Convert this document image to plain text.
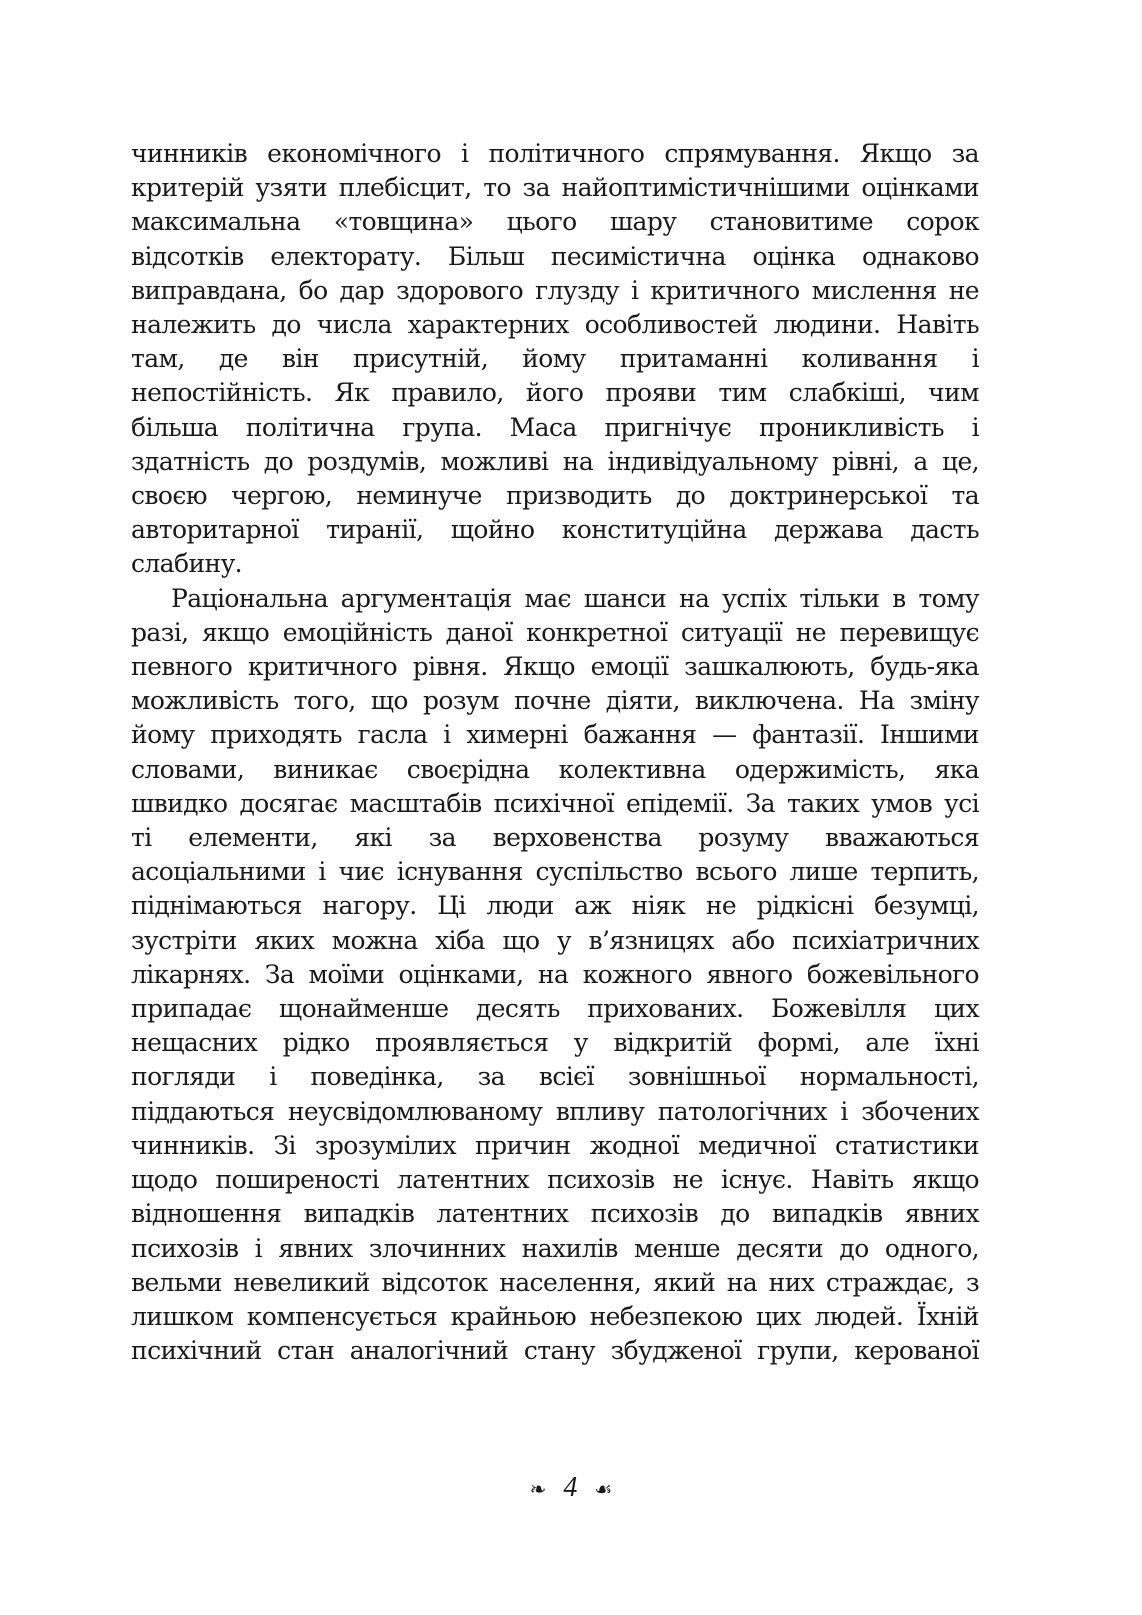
чинників економічного і політичного спрямування. Якщо за
критерій узяти плебісцит, то за найоптимістичнішими оцінками
максимальна «товщина» цього шару становитиме сорок
відсотків електорату. Більш песимістична оцінка однаково
виправдана, бо дар здорового глузду і критичного мислення не
належить до числа характерних особливостей людини. Навіть
там, де він присутній, йому притаманні коливання і
непостійність. Як правило, його прояви тим слабкіші, чим
більша політична група. Маса пригнічує проникливість і
здатність до роздумів, можливі на індивідуальному рівні, а це,
своєю чергою, неминуче призводить до доктринерської та
авторитарної тиранії, щойно конституційна держава дасть
слабину.
Раціональна аргументація має шанси на успіх тільки в тому
разі, якщо емоційність даної конкретної ситуації не перевищує
певного критичного рівня. Якщо емоції зашкалюють, будь-яка
можливість того, що розум почне діяти, виключена. На зміну
йому приходять гасла і химерні бажання — фантазії. Іншими
словами, виникає своєрідна колективна одержимість, яка
швидко досягає масштабів психічної епідемії. За таких умов усі
ті елементи, які за верховенства розуму вважаються
асоціальними і чиє існування суспільство всього лише терпить,
піднімаються нагору. Ці люди аж ніяк не рідкісні безумці,
зустріти яких можна хіба що у в’язницях або психіатричних
лікарнях. За моїми оцінками, на кожного явного божевільного
припадає щонайменше десять прихованих. Божевілля цих
нещасних рідко проявляється у відкритій формі, але їхні
погляди і поведінка, за всієї зовнішньої нормальності,
піддаються неусвідомлюваному впливу патологічних і збочених
чинників. Зі зрозумілих причин жодної медичної статистики
щодо поширеності латентних психозів не існує. Навіть якщо
відношення випадків латентних психозів до випадків явних
психозів і явних злочинних нахилів менше десяти до одного,
вельми невеликий відсоток населення, який на них страждає, з
лишком компенсується крайньою небезпекою цих людей. Їхній
психічний стан аналогічний стану збудженої групи, керованої
❧ 4 ☙
